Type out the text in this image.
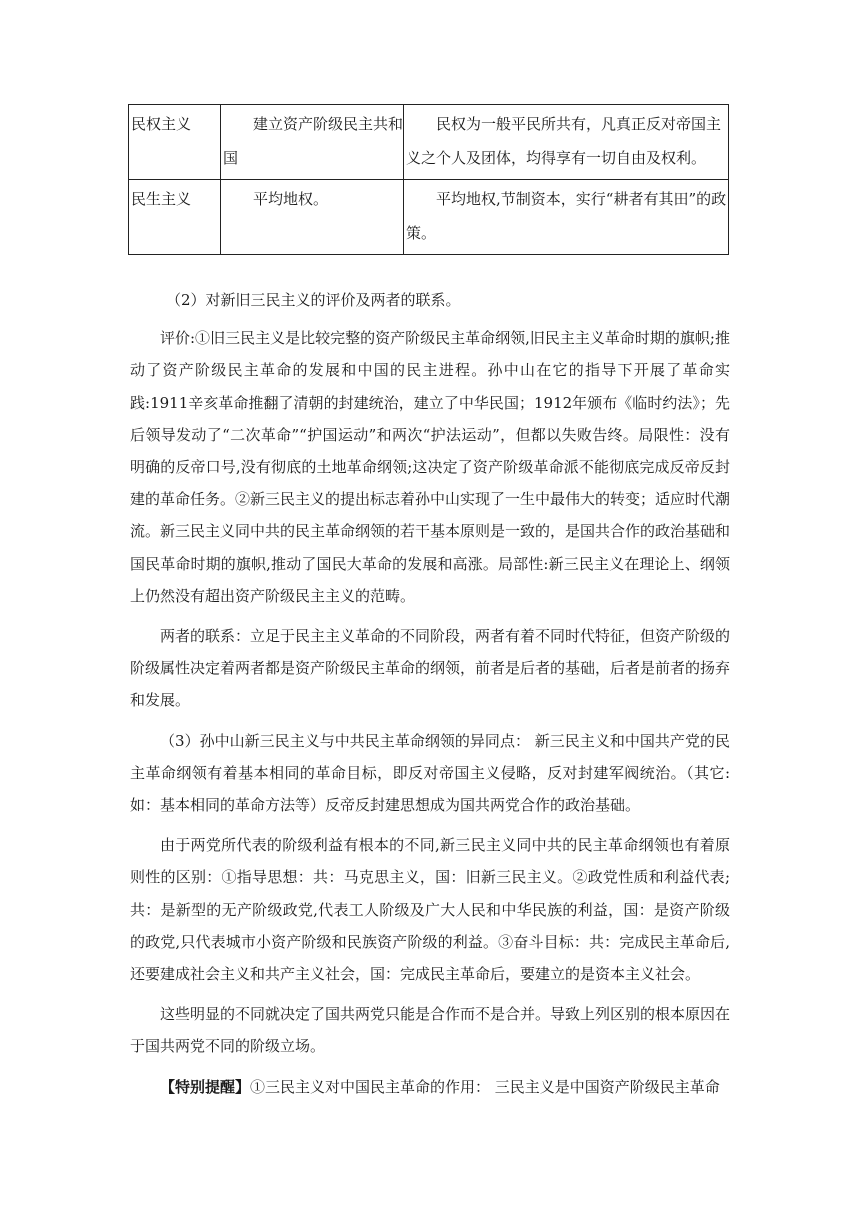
民权主义	建立资产阶级民主共和国	民权为一般平民所共有，凡真正反对帝国主义之个人及团体，均得享有一切自由及权利。
民生主义	平均地权。	平均地权,节制资本，实行“耕者有其田”的政策。

（2）对新旧三民主义的评价及两者的联系。

评价:①旧三民主义是比较完整的资产阶级民主革命纲领,旧民主主义革命时期的旗帜;推动了资产阶级民主革命的发展和中国的民主进程。孙中山在它的指导下开展了革命实践:1911辛亥革命推翻了清朝的封建统治，建立了中华民国；1912年颁布《临时约法》；先后领导发动了“二次革命”“护国运动”和两次“护法运动”，但都以失败告终。局限性：没有明确的反帝口号,没有彻底的土地革命纲领;这决定了资产阶级革命派不能彻底完成反帝反封建的革命任务。②新三民主义的提出标志着孙中山实现了一生中最伟大的转变；适应时代潮流。新三民主义同中共的民主革命纲领的若干基本原则是一致的，是国共合作的政治基础和国民革命时期的旗帜,推动了国民大革命的发展和高涨。局部性:新三民主义在理论上、纲领上仍然没有超出资产阶级民主主义的范畴。

两者的联系：立足于民主主义革命的不同阶段，两者有着不同时代特征，但资产阶级的阶级属性决定着两者都是资产阶级民主革命的纲领，前者是后者的基础，后者是前者的扬弃和发展。

（3）孙中山新三民主义与中共民主革命纲领的异同点： 新三民主义和中国共产党的民主革命纲领有着基本相同的革命目标，即反对帝国主义侵略，反对封建军阀统治。（其它:如：基本相同的革命方法等）反帝反封建思想成为国共两党合作的政治基础。

由于两党所代表的阶级利益有根本的不同,新三民主义同中共的民主革命纲领也有着原则性的区别：①指导思想：共：马克思主义，国：旧新三民主义。②政党性质和利益代表;共：是新型的无产阶级政党,代表工人阶级及广大人民和中华民族的利益，国：是资产阶级的政党,只代表城市小资产阶级和民族资产阶级的利益。③奋斗目标：共：完成民主革命后,还要建成社会主义和共产主义社会，国：完成民主革命后，要建立的是资本主义社会。

这些明显的不同就决定了国共两党只能是合作而不是合并。导致上列区别的根本原因在于国共两党不同的阶级立场。

【特别提醒】①三民主义对中国民主革命的作用： 三民主义是中国资产阶级民主革命
